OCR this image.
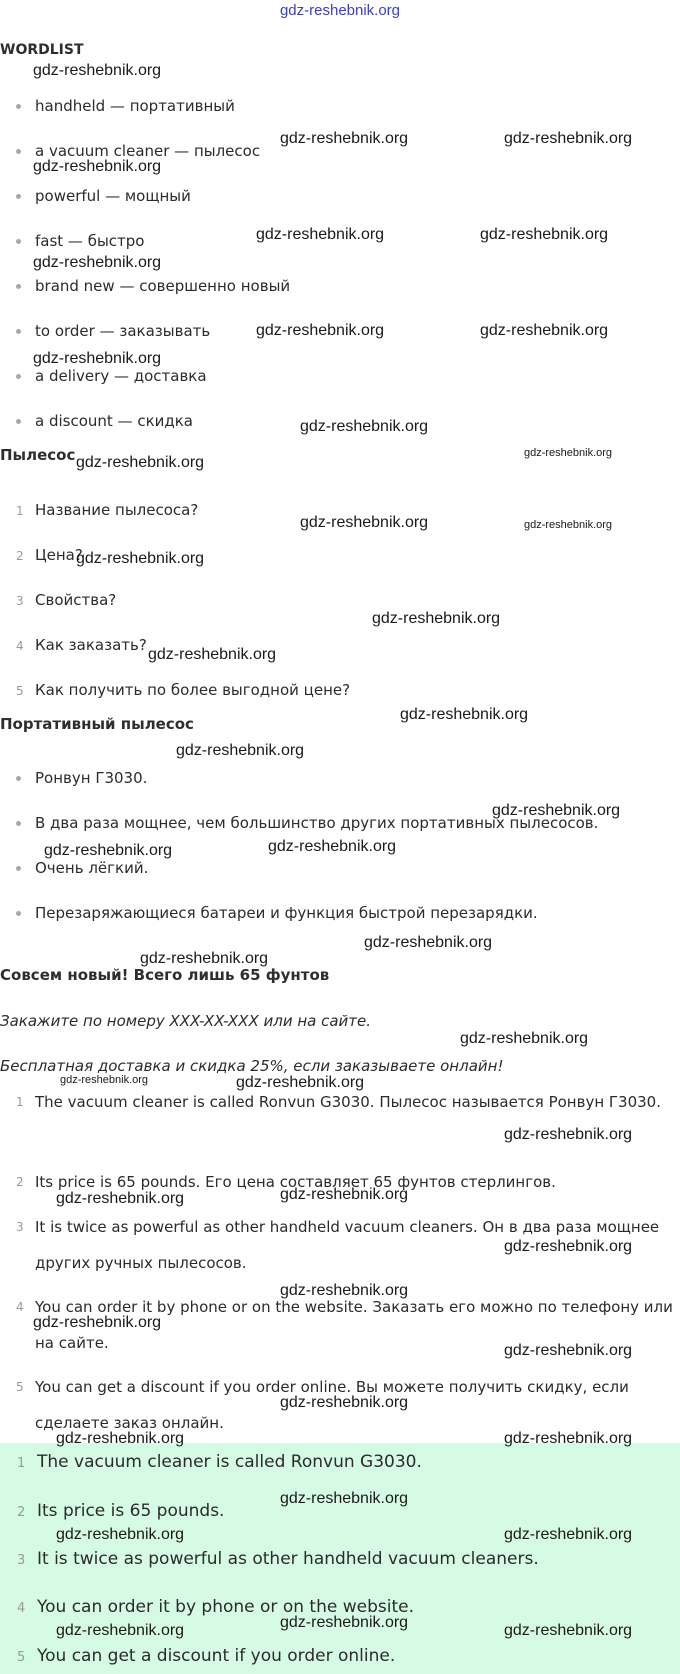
gdz-reshebnik.org
WORDLIST
handheld — портативный
a vacuum cleaner — пылесос
powerful — мощный
fast — быстро
brand new — совершенно новый
to order — заказывать
a delivery — доставка
a discount — скидка
Пылесос
1 Название пылесоса?
2 Цена?
3 Свойства?
4 Как заказать?
5 Как получить по более выгодной цене?
Портативный пылесос
Ронвун Г3030.
В два раза мощнее, чем большинство других портативных пылесосов.
Очень лёгкий.
Перезаряжающиеся батареи и функция быстрой перезарядки.
Совсем новый! Всего лишь 65 фунтов
Закажите по номеру XXX-XX-XXX или на сайте.
Бесплатная доставка и скидка 25%, если заказываете онлайн!
1 The vacuum cleaner is called Ronvun G3030. Пылесос называется Ронвун Г3030.
2 Its price is 65 pounds. Его цена составляет 65 фунтов стерлингов.
3 It is twice as powerful as other handheld vacuum cleaners. Он в два раза мощнее других ручных пылесосов.
4 You can order it by phone or on the website. Заказать его можно по телефону или на сайте.
5 You can get a discount if you order online. Вы можете получить скидку, если сделаете заказ онлайн.
1 The vacuum cleaner is called Ronvun G3030.
2 Its price is 65 pounds.
3 It is twice as powerful as other handheld vacuum cleaners.
4 You can order it by phone or on the website.
5 You can get a discount if you order online.
gdz-reshebnik.org
gdz-reshebnik.org	gdz-reshebnik.org
gdz-reshebnik.org
gdz-reshebnik.org	gdz-reshebnik.org
gdz-reshebnik.org
gdz-reshebnik.org	gdz-reshebnik.org
gdz-reshebnik.org
gdz-reshebnik.org
gdz-reshebnik.org
gdz-reshebnik.org
gdz-reshebnik.org	gdz-reshebnik.org
gdz-reshebnik.org
gdz-reshebnik.org
gdz-reshebnik.org
gdz-reshebnik.org
gdz-reshebnik.org
gdz-reshebnik.org
gdz-reshebnik.org
gdz-reshebnik.org
gdz-reshebnik.org
gdz-reshebnik.org
gdz-reshebnik.org
gdz-reshebnik.org	gdz-reshebnik.org
gdz-reshebnik.org
gdz-reshebnik.org
gdz-reshebnik.org
gdz-reshebnik.org
gdz-reshebnik.org
gdz-reshebnik.org
gdz-reshebnik.org
gdz-reshebnik.org
gdz-reshebnik.org	gdz-reshebnik.org
gdz-reshebnik.org
gdz-reshebnik.org	gdz-reshebnik.org
gdz-reshebnik.org
gdz-reshebnik.org	gdz-reshebnik.org
